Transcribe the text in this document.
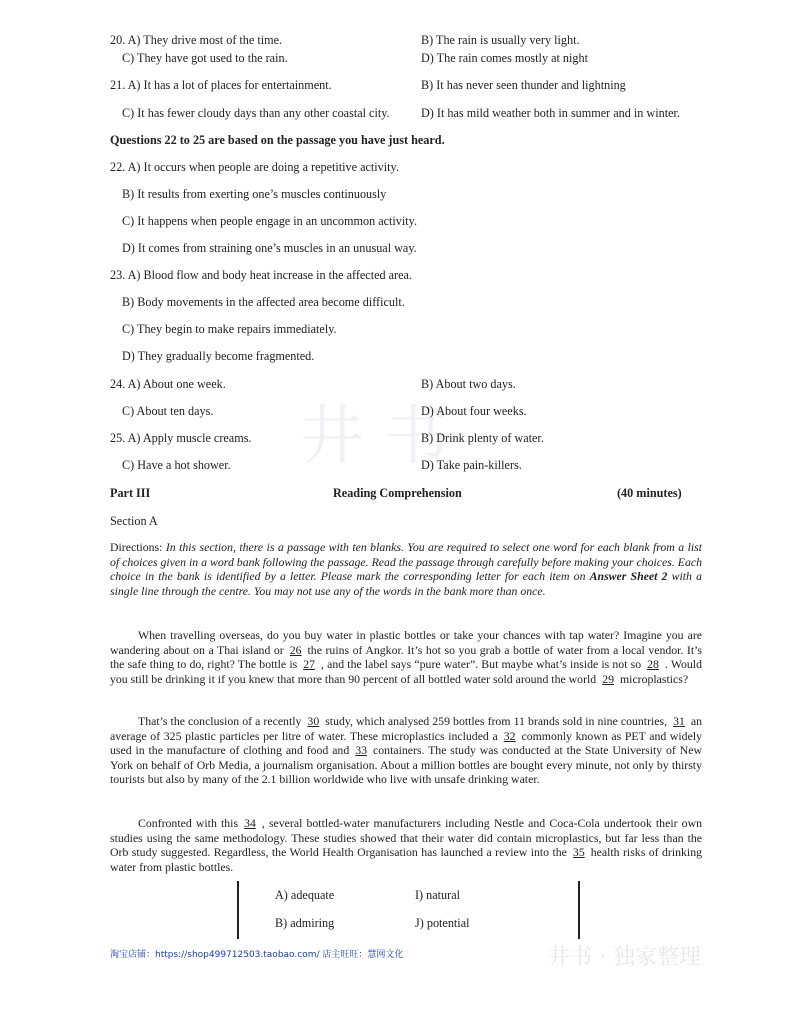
井 书
井书 · 独家整理
20. A) They drive most of the time.	B) The rain is usually very light.
C) They have got used to the rain.	D) The rain comes mostly at night
21. A) It has a lot of places for entertainment.	B) It has never seen thunder and lightning
C) It has fewer cloudy days than any other coastal city.	D) It has mild weather both in summer and in winter.
Questions 22 to 25 are based on the passage you have just heard.
22. A) It occurs when people are doing a repetitive activity.
B) It results from exerting one’s muscles continuously
C) It happens when people engage in an uncommon activity.
D) It comes from straining one’s muscles in an unusual way.
23. A) Blood flow and body heat increase in the affected area.
B) Body movements in the affected area become difficult.
C) They begin to make repairs immediately.
D) They gradually become fragmented.
24. A) About one week.	B) About two days.
C) About ten days.	D) About four weeks.
25. A) Apply muscle creams.	B) Drink plenty of water.
C) Have a hot shower.	D) Take pain-killers.
Part III	Reading Comprehension	(40 minutes)
Section A
Directions: In this section, there is a passage with ten blanks. You are required to select one word for each blank from a list of choices given in a word bank following the passage. Read the passage through carefully before making your choices. Each choice in the bank is identified by a letter. Please mark the corresponding letter for each item on Answer Sheet 2 with a single line through the centre. You may not use any of the words in the bank more than once.

When travelling overseas, do you buy water in plastic bottles or take your chances with tap water? Imagine you are wandering about on a Thai island or 26 the ruins of Angkor. It’s hot so you grab a bottle of water from a local vendor. It’s the safe thing to do, right? The bottle is 27 , and the label says “pure water”. But maybe what’s inside is not so 28 . Would you still be drinking it if you knew that more than 90 percent of all bottled water sold around the world 29 microplastics?

That’s the conclusion of a recently 30 study, which analysed 259 bottles from 11 brands sold in nine countries, 31 an average of 325 plastic particles per litre of water. These microplastics included a 32 commonly known as PET and widely used in the manufacture of clothing and food and 33 containers. The study was conducted at the State University of New York on behalf of Orb Media, a journalism organisation. About a million bottles are bought every minute, not only by thirsty tourists but also by many of the 2.1 billion worldwide who live with unsafe drinking water.

Confronted with this 34 , several bottled-water manufacturers including Nestle and Coca-Cola undertook their own studies using the same methodology. These studies showed that their water did contain microplastics, but far less than the Orb study suggested. Regardless, the World Health Organisation has launched a review into the 35 health risks of drinking water from plastic bottles.

A) adequate	I) natural
B) admiring	J) potential
淘宝店铺：https://shop499712503.taobao.com/ 店主旺旺：慧网文化
